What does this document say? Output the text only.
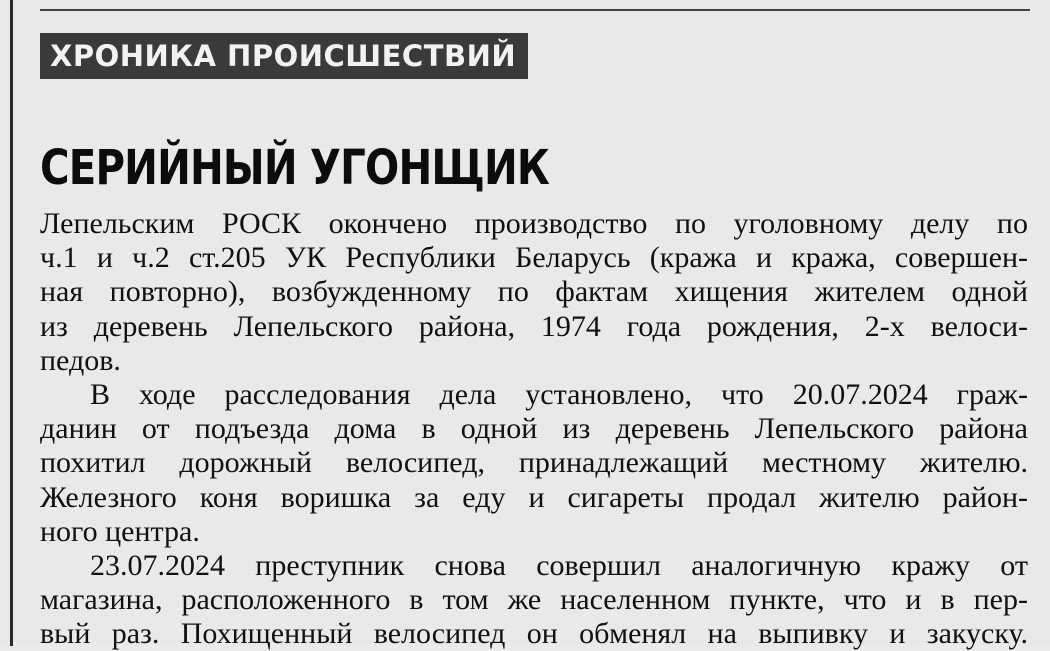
ХРОНИКА ПРОИСШЕСТВИЙ
СЕРИЙНЫЙ УГОНЩИК
Лепельским РОСК окончено производство по уголовному делу по
ч.1 и ч.2 ст.205 УК Республики Беларусь (кража и кража, совершен-
ная повторно), возбужденному по фактам хищения жителем одной
из деревень Лепельского района, 1974 года рождения, 2-х велоси-
педов.
В ходе расследования дела установлено, что 20.07.2024 граж-
данин от подъезда дома в одной из деревень Лепельского района
похитил дорожный велосипед, принадлежащий местному жителю.
Железного коня воришка за еду и сигареты продал жителю район-
ного центра.
23.07.2024 преступник снова совершил аналогичную кражу от
магазина, расположенного в том же населенном пункте, что и в пер-
вый раз. Похищенный велосипед он обменял на выпивку и закуску.
